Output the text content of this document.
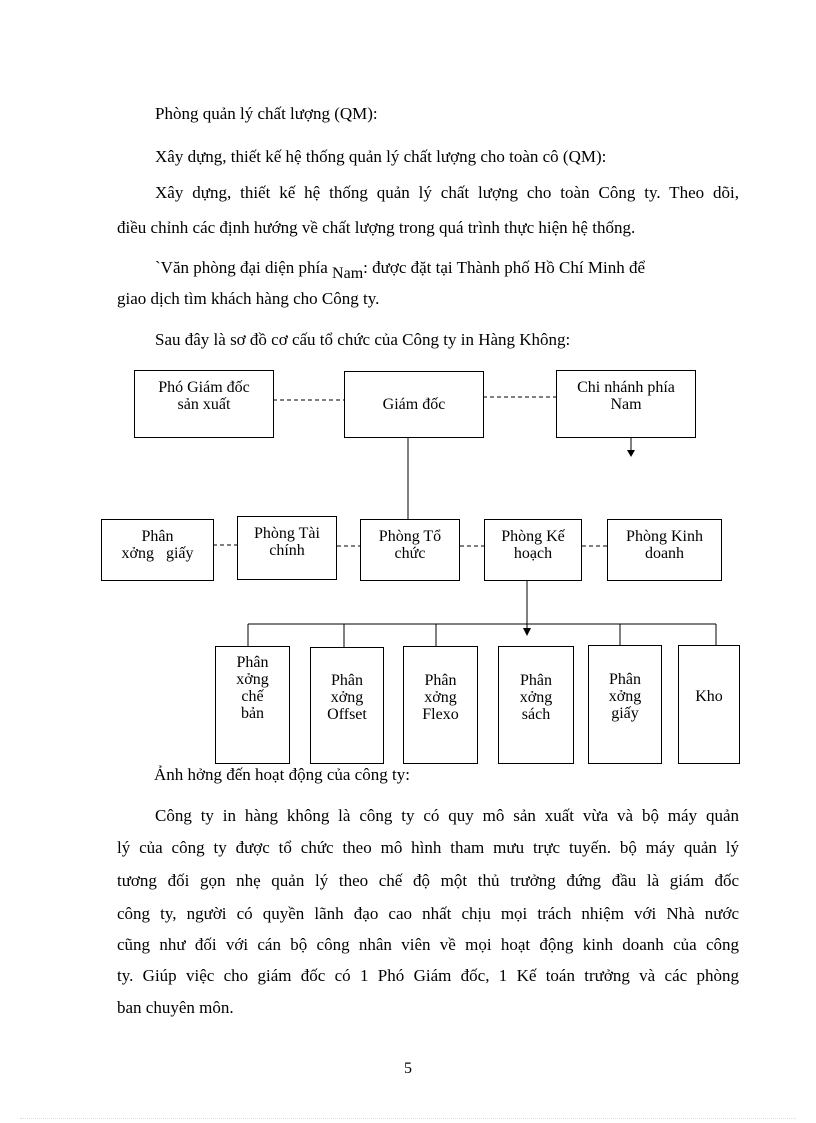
Phòng quản lý chất lượng (QM):
Xây dựng, thiết kế hệ thống quản lý chất lượng cho toàn cô (QM):
Xây dựng, thiết kế hệ thống quản lý chất lượng cho toàn Công ty. Theo dõi,
điều chỉnh các định hướng về chất lượng trong quá trình thực hiện hệ thống.
`Văn phòng đại diện phía Nam: được đặt tại Thành phố Hồ Chí Minh để
giao dịch tìm khách hàng cho Công ty.
Sau đây là sơ đồ cơ cấu tổ chức của Công ty in Hàng Không:
Phó Giám đốc
sản xuất	Giám đốc
Chi nhánh phía
Nam
Phân
xởng   giấy
Phòng Tài
chính
Phòng Tổ
chức
Phòng Kế
hoạch
Phòng Kinh
doanh
Phân
xởng
chế
bản
Phân
xởng
Offset
Phân
xởng
Flexo
Phân
xởng
sách
Phân
xởng
giấy
Kho
Ảnh hởng đến hoạt động của công ty:
Công ty in hàng không là công ty có quy mô sản xuất vừa và bộ máy quản
lý của công ty được tổ chức theo mô hình tham mưu trực tuyến. bộ máy quản lý
tương đối gọn nhẹ quản lý theo chế độ một thủ trưởng đứng đầu là giám đốc
công ty, người có quyền lãnh đạo cao nhất chịu mọi trách nhiệm với Nhà nước
cũng như đối với cán bộ công nhân viên về mọi hoạt động kinh doanh của công
ty. Giúp việc cho giám đốc có 1 Phó Giám đốc, 1 Kế toán trưởng và các phòng
ban chuyên môn.
5
